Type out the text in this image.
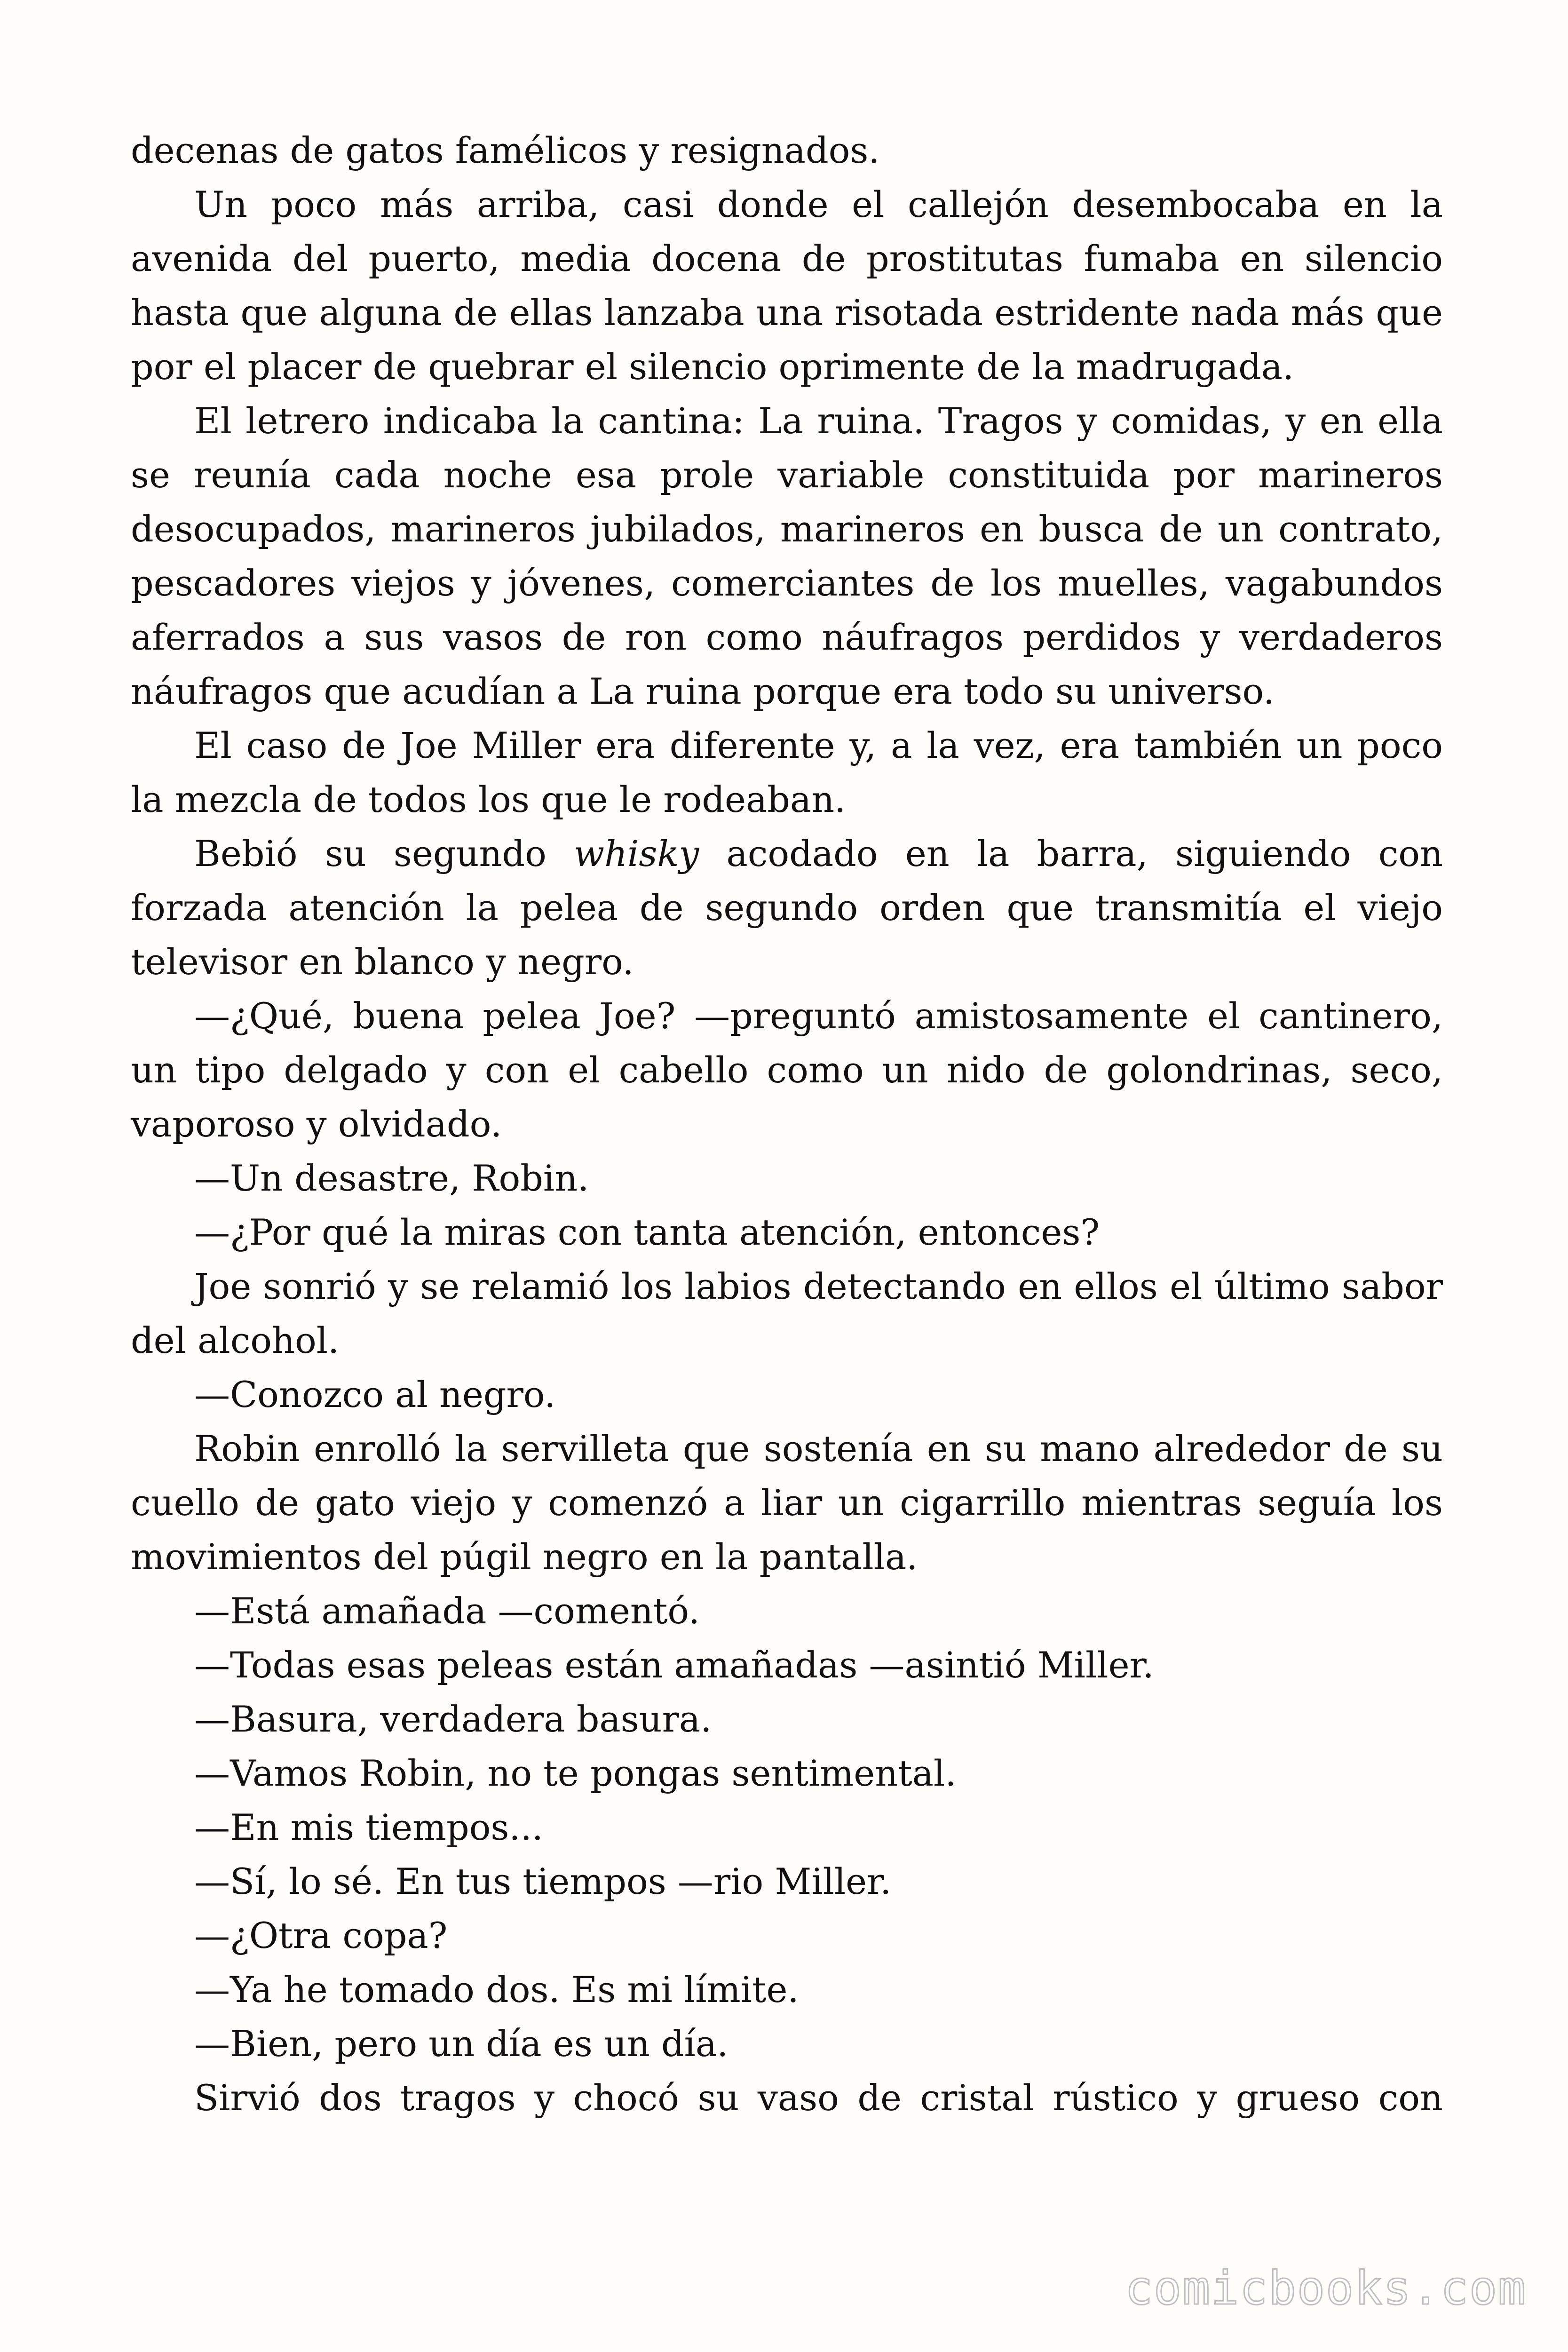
decenas de gatos famélicos y resignados.

Un poco más arriba, casi donde el callejón desembocaba en la avenida del puerto, media docena de prostitutas fumaba en silencio hasta que alguna de ellas lanzaba una risotada estridente nada más que por el placer de quebrar el silencio oprimente de la madrugada.

El letrero indicaba la cantina: La ruina. Tragos y comidas, y en ella se reunía cada noche esa prole variable constituida por marineros desocupados, marineros jubilados, marineros en busca de un contrato, pescadores viejos y jóvenes, comerciantes de los muelles, vagabundos aferrados a sus vasos de ron como náufragos perdidos y verdaderos náufragos que acudían a La ruina porque era todo su universo.

El caso de Joe Miller era diferente y, a la vez, era también un poco la mezcla de todos los que le rodeaban.

Bebió su segundo whisky acodado en la barra, siguiendo con forzada atención la pelea de segundo orden que transmitía el viejo televisor en blanco y negro.

—¿Qué, buena pelea Joe? —preguntó amistosamente el cantinero, un tipo delgado y con el cabello como un nido de golondrinas, seco, vaporoso y olvidado.

—Un desastre, Robin.

—¿Por qué la miras con tanta atención, entonces?

Joe sonrió y se relamió los labios detectando en ellos el último sabor del alcohol.

—Conozco al negro.

Robin enrolló la servilleta que sostenía en su mano alrededor de su cuello de gato viejo y comenzó a liar un cigarrillo mientras seguía los movimientos del púgil negro en la pantalla.

—Está amañada —comentó.

—Todas esas peleas están amañadas —asintió Miller.

—Basura, verdadera basura.

—Vamos Robin, no te pongas sentimental.

—En mis tiempos...

—Sí, lo sé. En tus tiempos —rio Miller.

—¿Otra copa?

—Ya he tomado dos. Es mi límite.

—Bien, pero un día es un día.

Sirvió dos tragos y chocó su vaso de cristal rústico y grueso con

comicbooks.com
